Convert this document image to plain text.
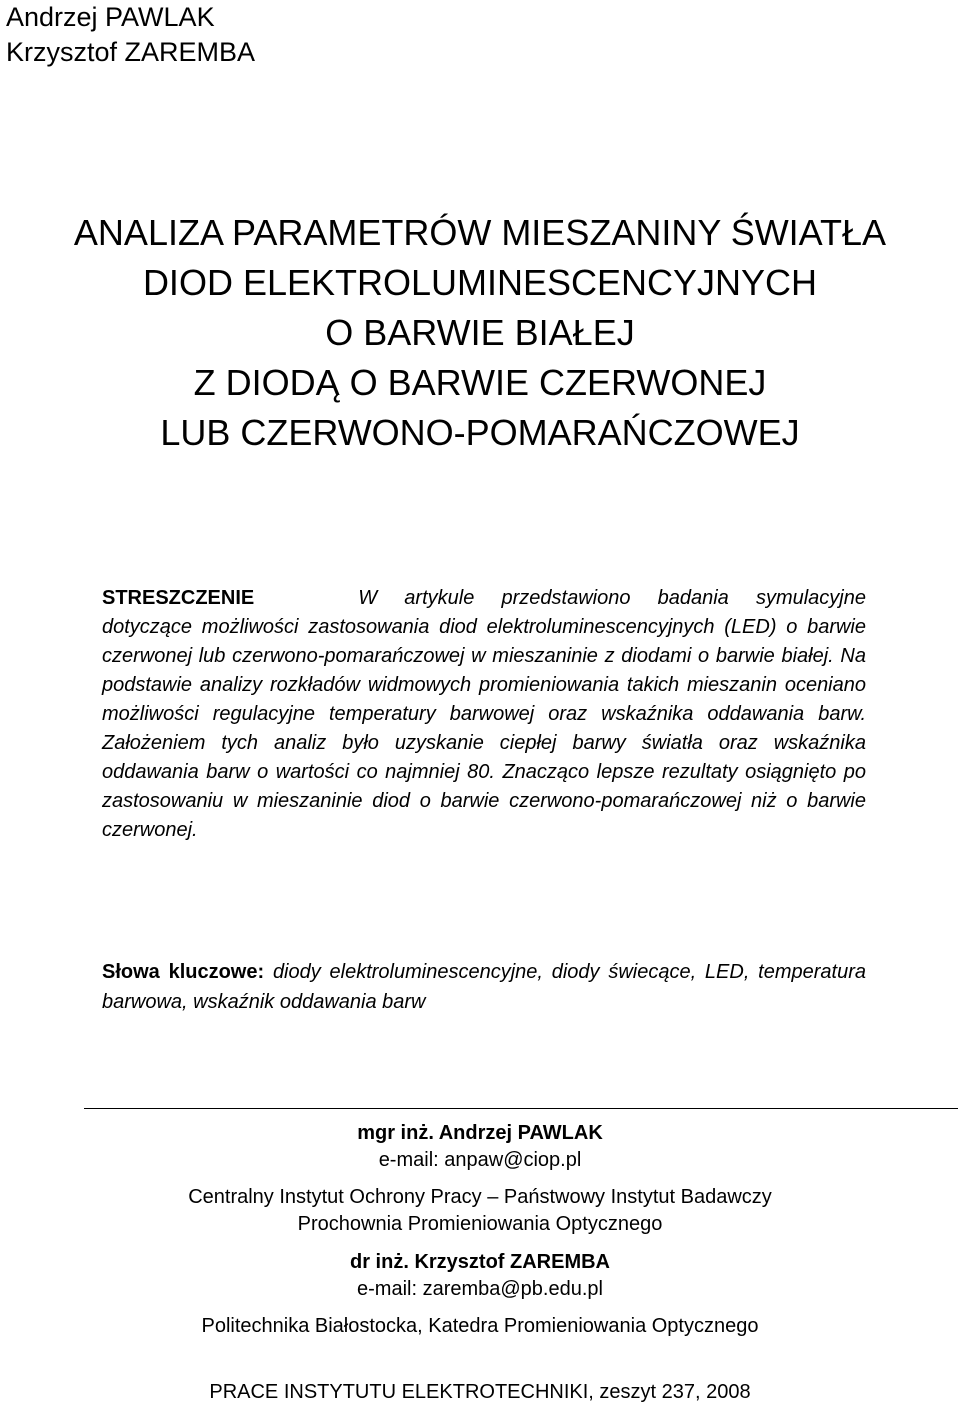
Andrzej PAWLAK
Krzysztof ZAREMBA
ANALIZA PARAMETRÓW MIESZANINY ŚWIATŁA
DIOD ELEKTROLUMINESCENCYJNYCH
O BARWIE BIAŁEJ
Z DIODĄ O BARWIE CZERWONEJ
LUB CZERWONO-POMARAŃCZOWEJ
STRESZCZENIE	W artykule przedstawiono badania symulacyjne dotyczące możliwości zastosowania diod elektroluminescencyjnych (LED) o barwie czerwonej lub czerwono-pomarańczowej w mieszaninie z diodami o barwie białej. Na podstawie analizy rozkładów widmowych promieniowania takich mieszanin oceniano możliwości regulacyjne temperatury barwowej oraz wskaźnika oddawania barw. Założeniem tych analiz było uzyskanie ciepłej barwy światła oraz wskaźnika oddawania barw o wartości co najmniej 80. Znacząco lepsze rezultaty osiągnięto po zastosowaniu w mieszaninie diod o barwie czerwono-pomarańczowej niż o barwie czerwonej.
Słowa kluczowe: diody elektroluminescencyjne, diody świecące, LED, temperatura barwowa, wskaźnik oddawania barw
mgr inż. Andrzej PAWLAK
e-mail: anpaw@ciop.pl
Centralny Instytut Ochrony Pracy – Państwowy Instytut Badawczy
Prochownia Promieniowania Optycznego
dr inż. Krzysztof ZAREMBA
e-mail: zaremba@pb.edu.pl
Politechnika Białostocka, Katedra Promieniowania Optycznego
PRACE INSTYTUTU ELEKTROTECHNIKI, zeszyt 237, 2008
